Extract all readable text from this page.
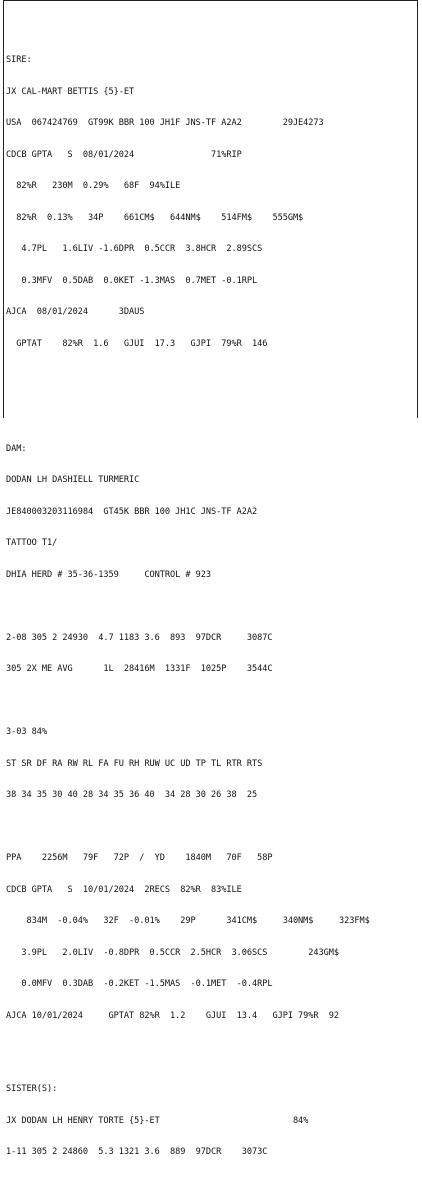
SIRE:

JX CAL-MART BETTIS {5}-ET

USA  067424769  GT99K BBR 100 JH1F JNS-TF A2A2        29JE4273

CDCB GPTA   S  08/01/2024               71%RIP

82%R   230M  0.29%   68F  94%ILE

82%R  0.13%   34P    661CM$   644NM$    514FM$    555GM$

4.7PL   1.6LIV -1.6DPR  0.5CCR  3.8HCR  2.89SCS

0.3MFV  0.5DAB  0.0KET -1.3MAS  0.7MET -0.1RPL

AJCA  08/01/2024      3DAUS

GPTAT    82%R  1.6   GJUI  17.3   GJPI  79%R  146

DAM:

DODAN LH DASHIELL TURMERIC

JE840003203116984  GT45K BBR 100 JH1C JNS-TF A2A2

TATTOO T1/

DHIA HERD # 35-36-1359     CONTROL # 923

2-08 305 2 24930  4.7 1183 3.6  893  97DCR     3087C

305 2X ME AVG      1L  28416M  1331F  1025P    3544C

3-03 84%

ST SR DF RA RW RL FA FU RH RUW UC UD TP TL RTR RTS

38 34 35 30 40 28 34 35 36 40  34 28 30 26 38  25

PPA    2256M   79F   72P  /  YD    1840M   70F   58P

CDCB GPTA   S  10/01/2024  2RECS  82%R  83%ILE

834M  -0.04%   32F  -0.01%    29P      341CM$     340NM$     323FM$

3.9PL   2.0LIV  -0.8DPR  0.5CCR  2.5HCR  3.06SCS        243GM$

0.0MFV  0.3DAB  -0.2KET -1.5MAS  -0.1MET  -0.4RPL

AJCA 10/01/2024     GPTAT 82%R  1.2    GJUI  13.4   GJPI 79%R  92

SISTER(S):

JX DODAN LH HENRY TORTE {5}-ET                          84%

1-11 305 2 24860  5.3 1321 3.6  889  97DCR    3073C
